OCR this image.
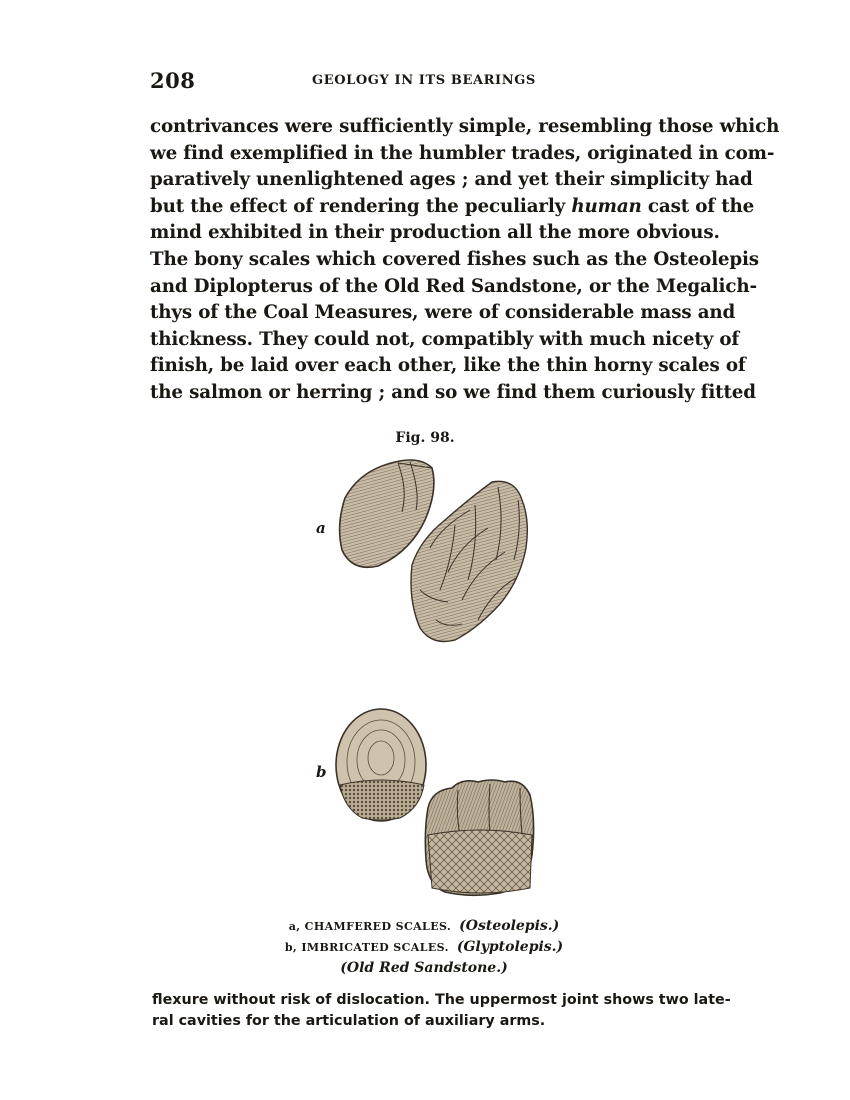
208	GEOLOGY IN ITS BEARINGS
contrivances were sufficiently simple, resembling those which
we find exemplified in the humbler trades, originated in com-
paratively unenlightened ages ; and yet their simplicity had
but the effect of rendering the peculiarly human cast of the
mind exhibited in their production all the more obvious.
The bony scales which covered fishes such as the Osteolepis
and Diplopterus of the Old Red Sandstone, or the Megalich-
thys of the Coal Measures, were of considerable mass and
thickness. They could not, compatibly with much nicety of
finish, be laid over each other, like the thin horny scales of
the salmon or herring ; and so we find them curiously fitted
Fig. 98.
a
b
a, CHAMFERED SCALES. (Osteolepis.)
b, IMBRICATED SCALES. (Glyptolepis.)
(Old Red Sandstone.)
flexure without risk of dislocation. The uppermost joint shows two late-
ral cavities for the articulation of auxiliary arms.
